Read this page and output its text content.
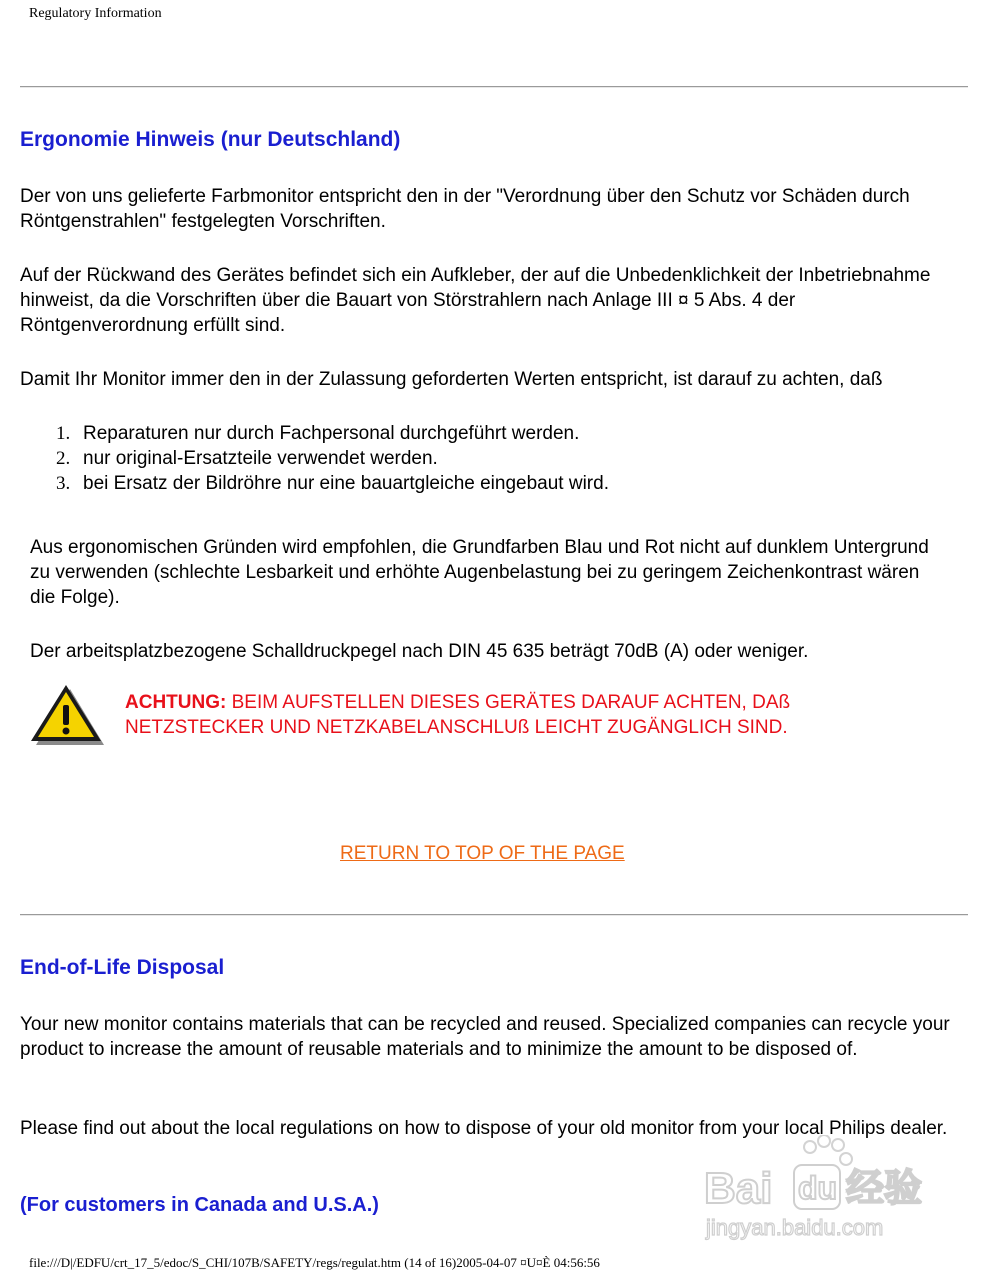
Regulatory Information
Ergonomie Hinweis (nur Deutschland)
Der von uns gelieferte Farbmonitor entspricht den in der "Verordnung über den Schutz vor Schäden durch Röntgenstrahlen" festgelegten Vorschriften.
Auf der Rückwand des Gerätes befindet sich ein Aufkleber, der auf die Unbedenklichkeit der Inbetriebnahme hinweist, da die Vorschriften über die Bauart von Störstrahlern nach Anlage III ¤ 5 Abs. 4 der Röntgenverordnung erfüllt sind.
Damit Ihr Monitor immer den in der Zulassung geforderten Werten entspricht, ist darauf zu achten, daß
1. Reparaturen nur durch Fachpersonal durchgeführt werden.
2. nur original-Ersatzteile verwendet werden.
3. bei Ersatz der Bildröhre nur eine bauartgleiche eingebaut wird.
Aus ergonomischen Gründen wird empfohlen, die Grundfarben Blau und Rot nicht auf dunklem Untergrund zu verwenden (schlechte Lesbarkeit und erhöhte Augenbelastung bei zu geringem Zeichenkontrast wären die Folge).
Der arbeitsplatzbezogene Schalldruckpegel nach DIN 45 635 beträgt 70dB (A) oder weniger.
ACHTUNG: BEIM AUFSTELLEN DIESES GERÄTES DARAUF ACHTEN, DAß NETZSTECKER UND NETZKABELANSCHLUß LEICHT ZUGÄNGLICH SIND.
RETURN TO TOP OF THE PAGE
End-of-Life Disposal
Your new monitor contains materials that can be recycled and reused. Specialized companies can recycle your product to increase the amount of reusable materials and to minimize the amount to be disposed of.
Please find out about the local regulations on how to dispose of your old monitor from your local Philips dealer.
(For customers in Canada and U.S.A.)	Bai du 经验
jingyan.baidu.com
file:///D|/EDFU/crt_17_5/edoc/S_CHI/107B/SAFETY/regs/regulat.htm (14 of 16)2005-04-07 ¤U¤È 04:56:56
